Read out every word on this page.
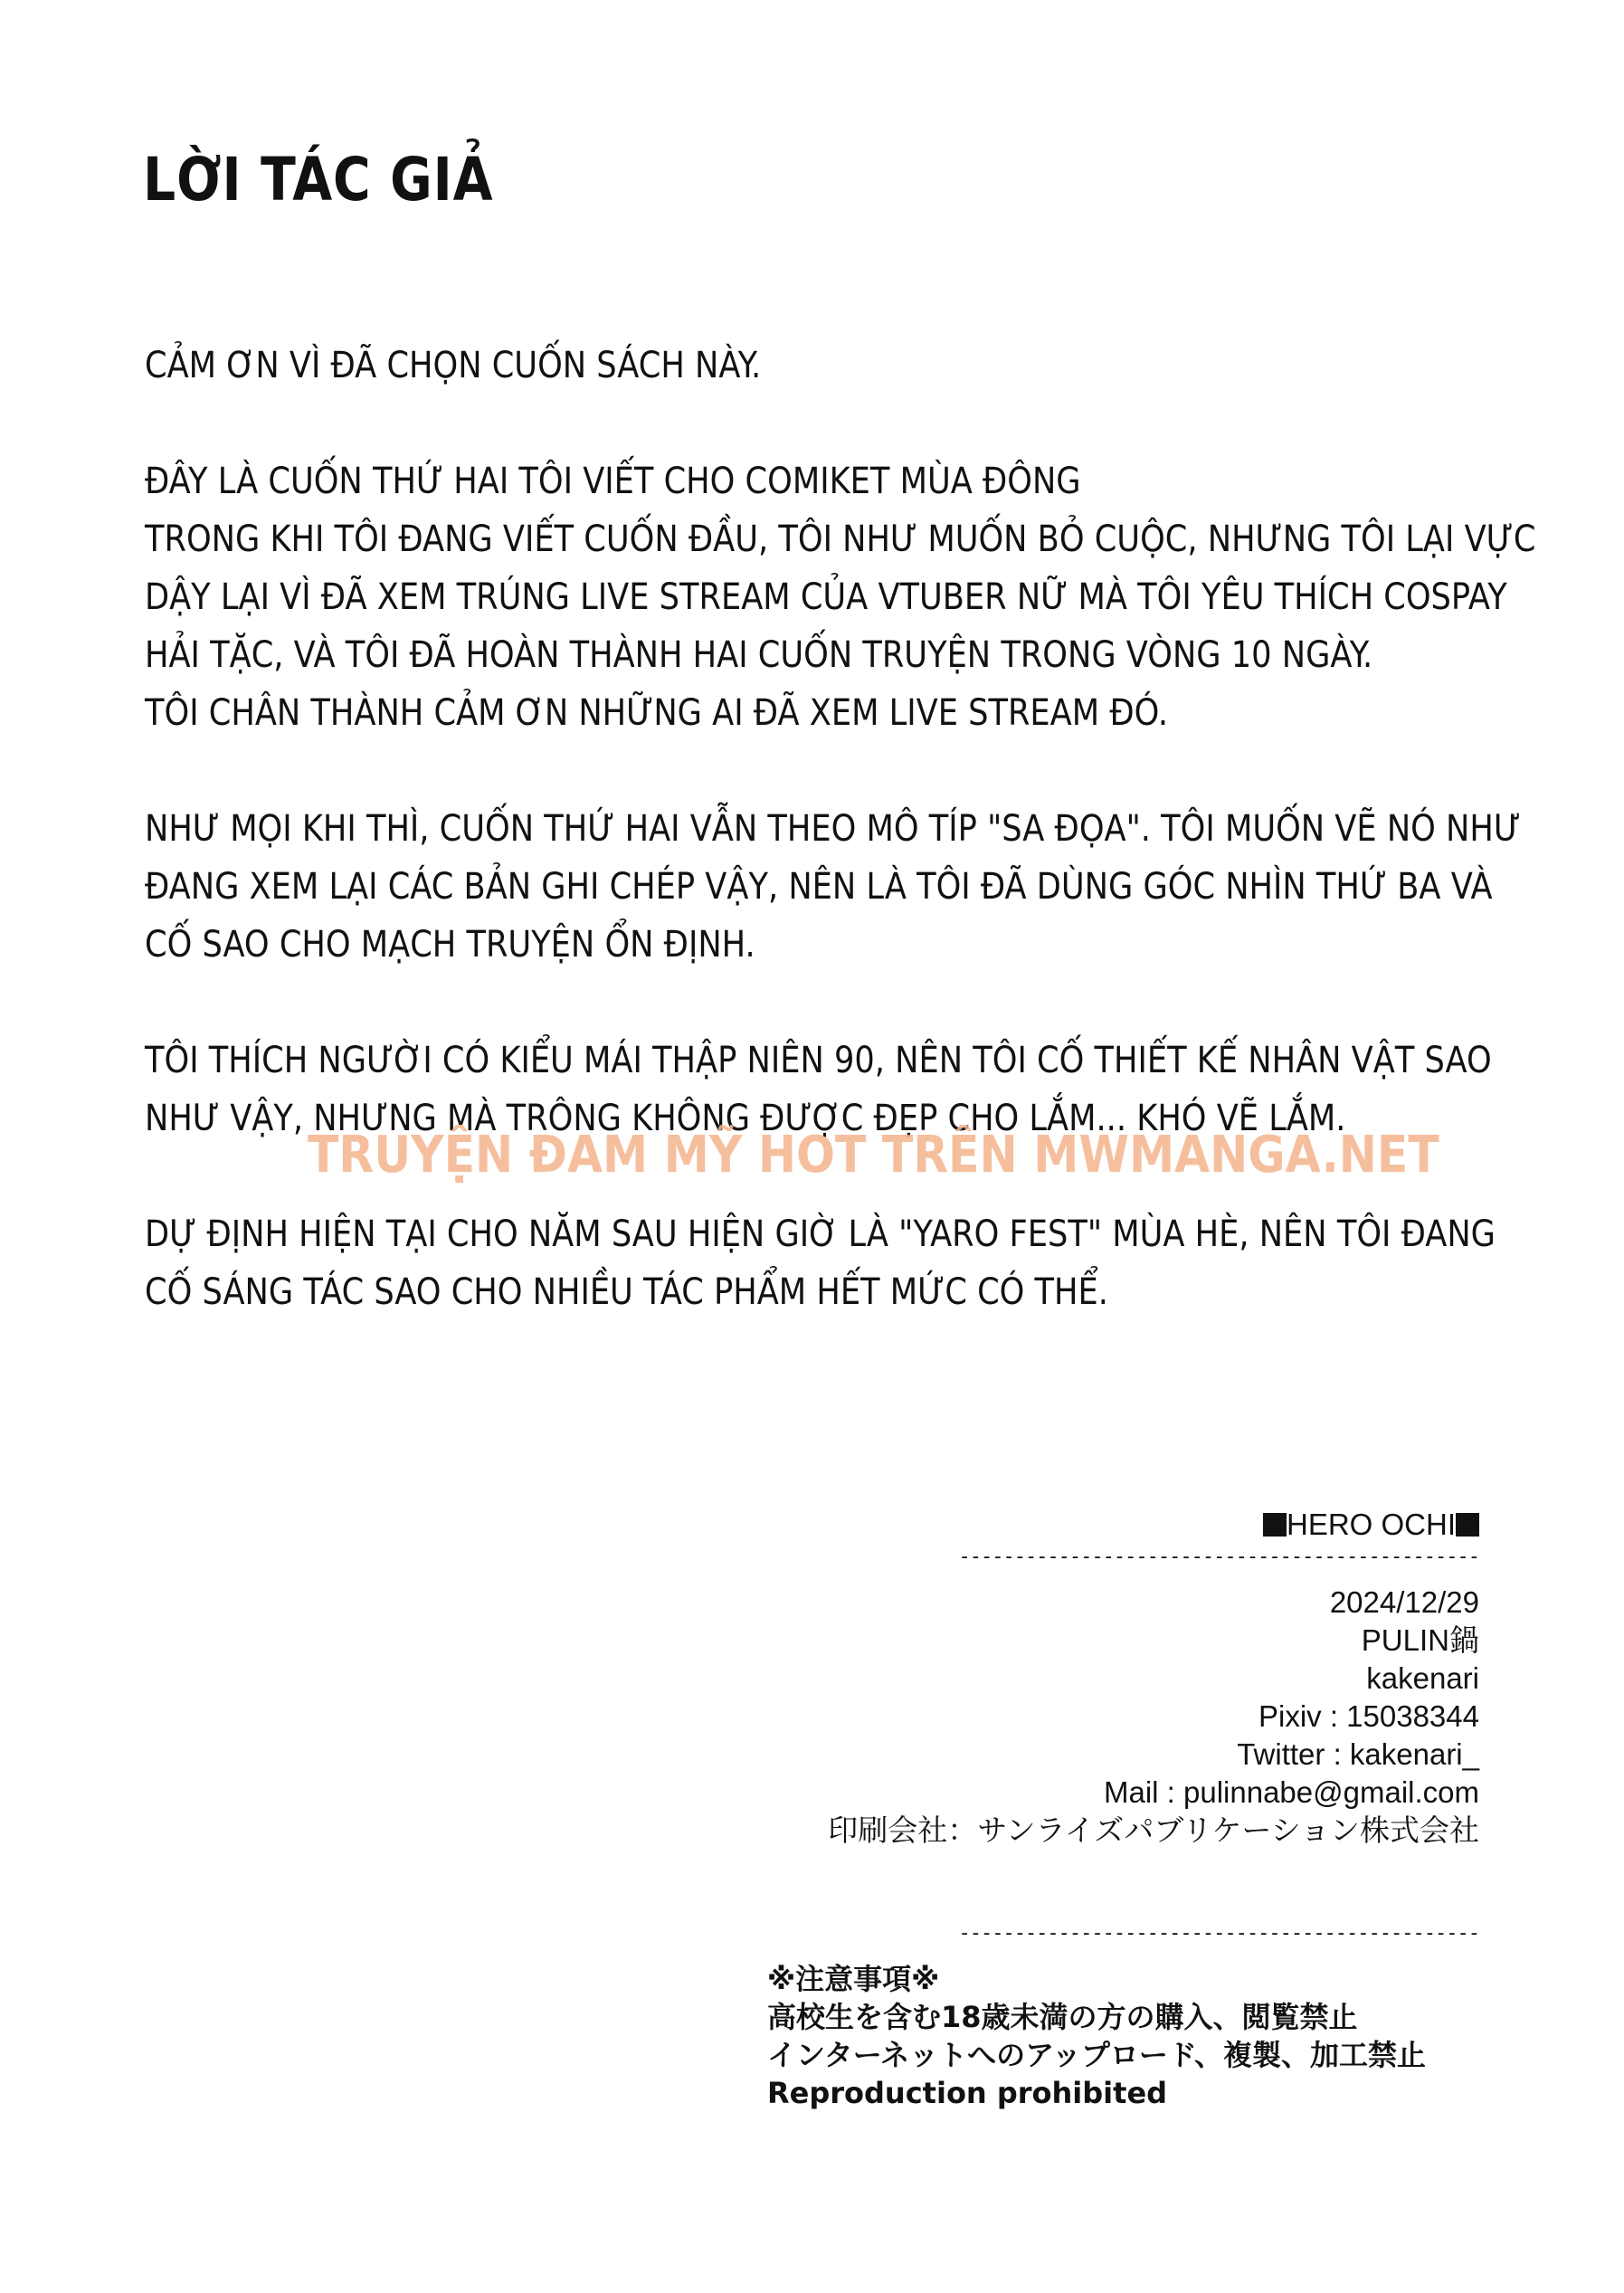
LỜI TÁC GIẢ
CẢM ƠN VÌ ĐÃ CHỌN CUỐN SÁCH NÀY.
ĐÂY LÀ CUỐN THỨ HAI TÔI VIẾT CHO COMIKET MÙA ĐÔNG
TRONG KHI TÔI ĐANG VIẾT CUỐN ĐẦU, TÔI NHƯ MUỐN BỎ CUỘC, NHƯNG TÔI LẠI VỰC
DẬY LẠI VÌ ĐÃ XEM TRÚNG LIVE STREAM CỦA VTUBER NỮ MÀ TÔI YÊU THÍCH COSPAY
HẢI TẶC, VÀ TÔI ĐÃ HOÀN THÀNH HAI CUỐN TRUYỆN TRONG VÒNG 10 NGÀY.
TÔI CHÂN THÀNH CẢM ƠN NHỮNG AI ĐÃ XEM LIVE STREAM ĐÓ.
NHƯ MỌI KHI THÌ, CUỐN THỨ HAI VẪN THEO MÔ TÍP "SA ĐỌA". TÔI MUỐN VẼ NÓ NHƯ
ĐANG XEM LẠI CÁC BẢN GHI CHÉP VẬY, NÊN LÀ TÔI ĐÃ DÙNG GÓC NHÌN THỨ BA VÀ
CỐ SAO CHO MẠCH TRUYỆN ỔN ĐỊNH.
TÔI THÍCH NGƯỜI CÓ KIỂU MÁI THẬP NIÊN 90, NÊN TÔI CỐ THIẾT KẾ NHÂN VẬT SAO
NHƯ VẬY, NHƯNG MÀ TRÔNG KHÔNG ĐƯỢC ĐẸP CHO LẮM... KHÓ VẼ LẮM.
DỰ ĐỊNH HIỆN TẠI CHO NĂM SAU HIỆN GIỜ LÀ "YARO FEST" MÙA HÈ, NÊN TÔI ĐANG
CỐ SÁNG TÁC SAO CHO NHIỀU TÁC PHẨM HẾT MỨC CÓ THỂ.
TRUYỆN ĐAM MỸ HOT TRÊN MWMANGA.NET
HERO OCHI
-----------------------------------------------
2024/12/29
PULIN鍋
kakenari
Pixiv : 15038344
Twitter : kakenari_
Mail : pulinnabe@gmail.com
印刷会社：サンライズパブリケーション株式会社
-----------------------------------------------
※注意事項※
高校生を含む18歳未満の方の購入、閲覧禁止
インターネットへのアップロード、複製、加工禁止
Reproduction prohibited
